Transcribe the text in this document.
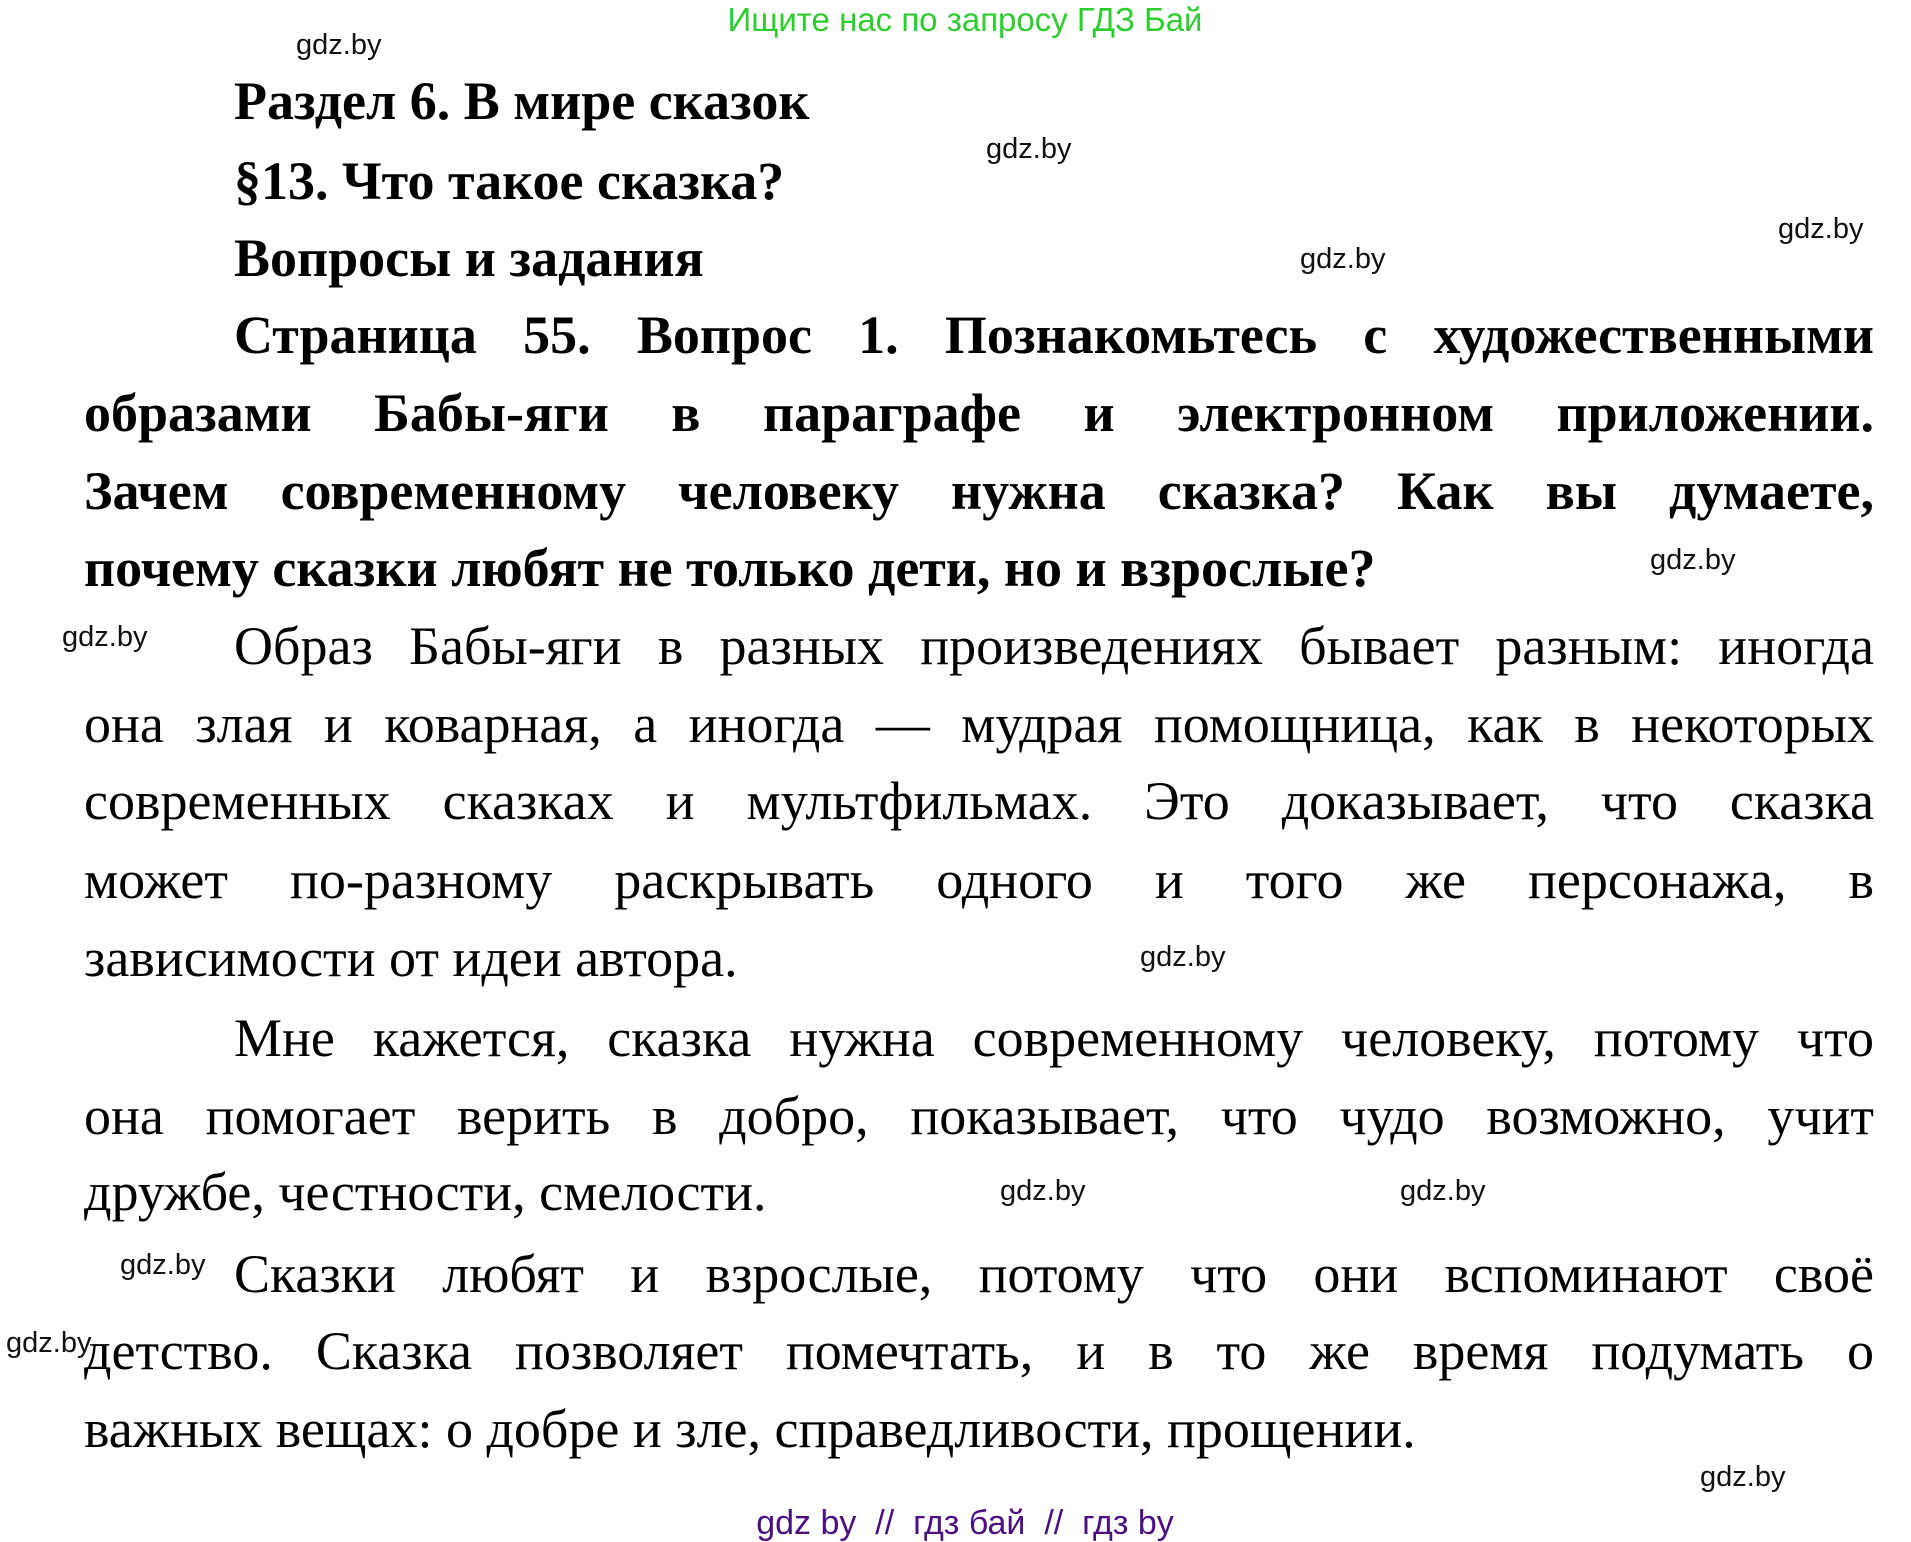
Ищите нас по запросу ГДЗ Бай
Раздел 6. В мире сказок
§13. Что такое сказка?
Вопросы и задания
Страница 55. Вопрос 1. Познакомьтесь с художественными
образами Бабы-яги в параграфе и электронном приложении.
Зачем современному человеку нужна сказка? Как вы думаете,
почему сказки любят не только дети, но и взрослые?
Образ Бабы-яги в разных произведениях бывает разным: иногда
она злая и коварная, а иногда — мудрая помощница, как в некоторых
современных сказках и мультфильмах. Это доказывает, что сказка
может по-разному раскрывать одного и того же персонажа, в
зависимости от идеи автора.
Мне кажется, сказка нужна современному человеку, потому что
она помогает верить в добро, показывает, что чудо возможно, учит
дружбе, честности, смелости.
Сказки любят и взрослые, потому что они вспоминают своё
детство. Сказка позволяет помечтать, и в то же время подумать о
важных вещах: о добре и зле, справедливости, прощении.
gdz.by
gdz.by
gdz.by
gdz.by
gdz.by
gdz.by
gdz.by
gdz.by	gdz.by
gdz.by
gdz.by
gdz.by
gdz by  //  гдз бай  //  гдз by
